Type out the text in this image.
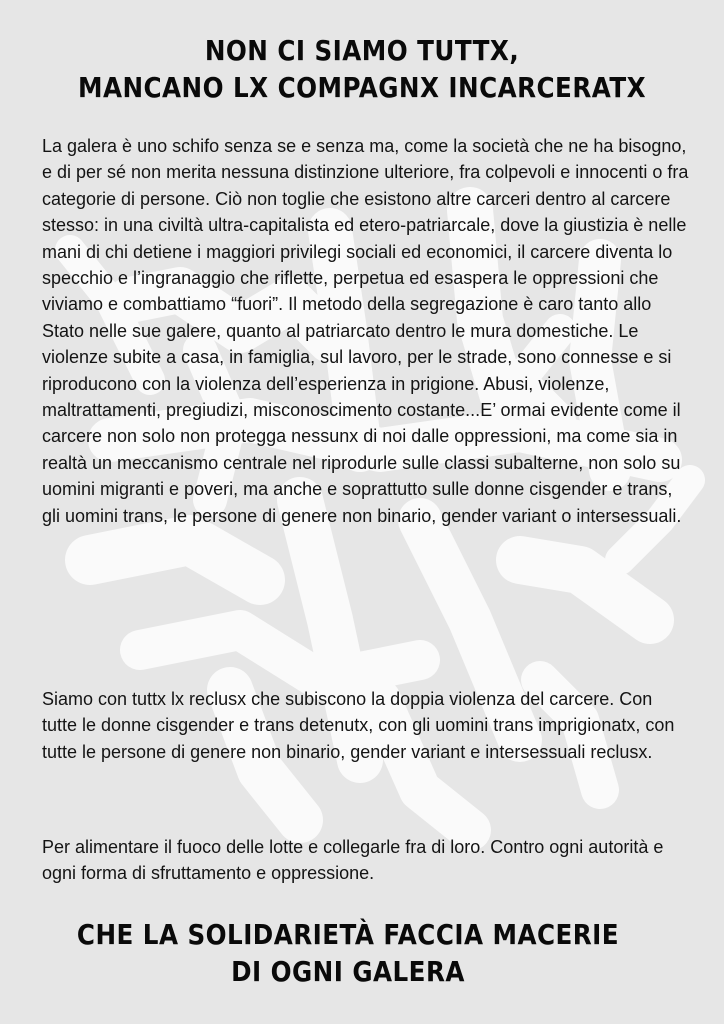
NON CI SIAMO TUTTX,
MANCANO LX COMPAGNX INCARCERATX

La galera è uno schifo senza se e senza ma, come la società che ne ha bisogno, e di per sé non merita nessuna distinzione ulteriore, fra colpevoli e innocenti o fra categorie di persone. Ciò non toglie che esistono altre carceri dentro al carcere stesso: in una civiltà ultra-capitalista ed etero-patriarcale, dove la giustizia è nelle mani di chi detiene i maggiori privilegi sociali ed economici, il carcere diventa lo specchio e l’ingranaggio che riflette, perpetua ed esaspera le oppressioni che viviamo e combattiamo “fuori”. Il metodo della segregazione è caro tanto allo Stato nelle sue galere, quanto al patriarcato dentro le mura domestiche. Le violenze subite a casa, in famiglia, sul lavoro, per le strade, sono connesse e si riproducono con la violenza dell’esperienza in prigione. Abusi, violenze, maltrattamenti, pregiudizi, misconoscimento costante...E’ ormai evidente come il carcere non solo non protegga nessunx di noi dalle oppressioni, ma come sia in realtà un meccanismo centrale nel riprodurle sulle classi subalterne, non solo su uomini migranti e poveri, ma anche e soprattutto sulle donne cisgender e trans, gli uomini trans, le persone di genere non binario, gender variant o intersessuali.

Siamo con tuttx lx reclusx che subiscono la doppia violenza del carcere. Con tutte le donne cisgender e trans detenutx, con gli uomini trans imprigionatx, con tutte le persone di genere non binario, gender variant e intersessuali reclusx.

Per alimentare il fuoco delle lotte e collegarle fra di loro. Contro ogni autorità e ogni forma di sfruttamento e oppressione.

CHE LA SOLIDARIETÀ FACCIA MACERIE
DI OGNI GALERA
